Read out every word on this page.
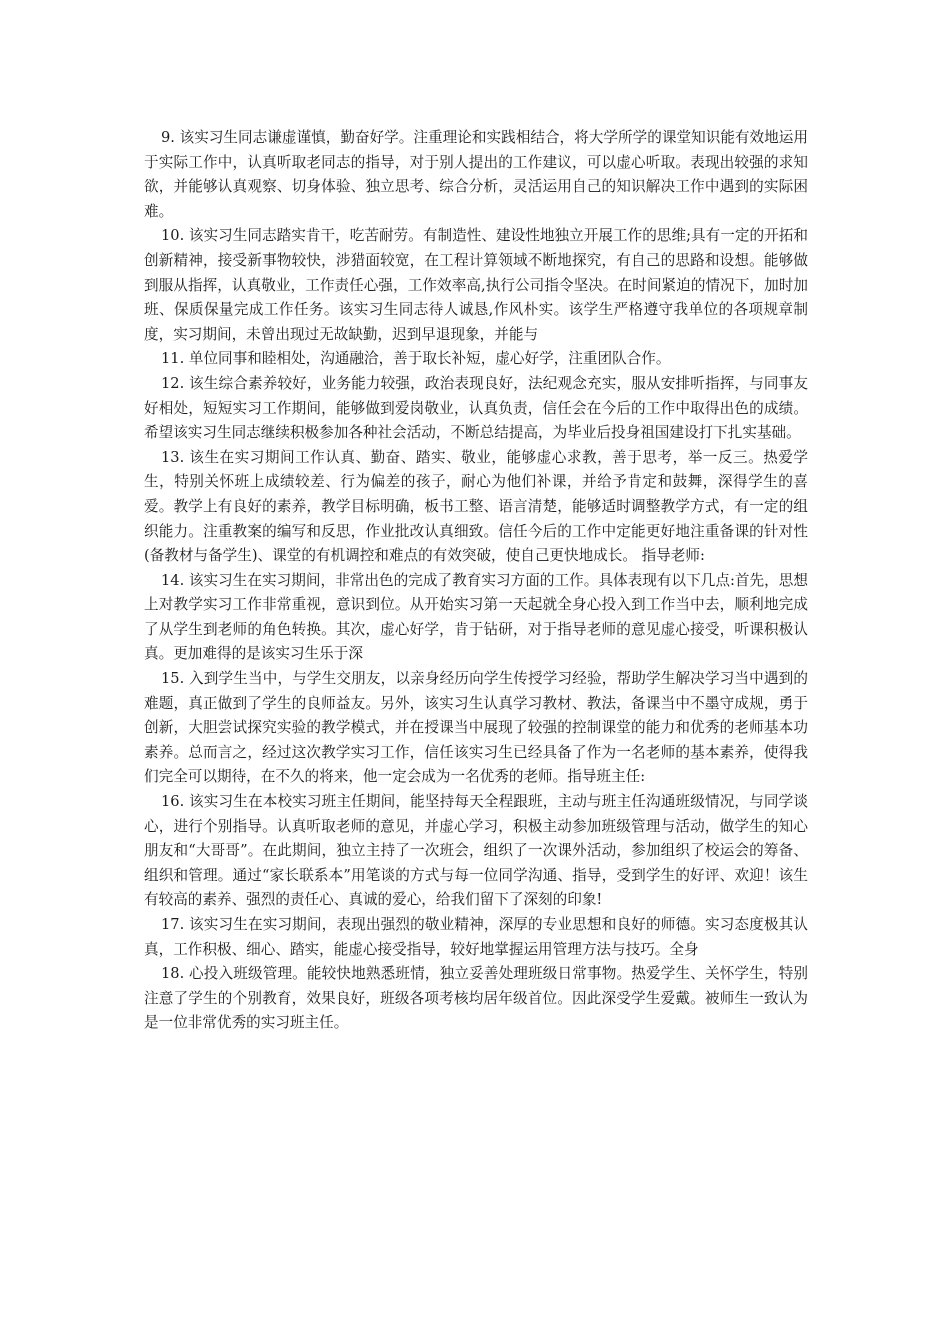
9. 该实习生同志谦虚谨慎，勤奋好学。注重理论和实践相结合，将大学所学的课堂知识能有效地运用于实际工作中，认真听取老同志的指导，对于别人提出的工作建议，可以虚心听取。表现出较强的求知欲，并能够认真观察、切身体验、独立思考、综合分析，灵活运用自己的知识解决工作中遇到的实际困难。

10. 该实习生同志踏实肯干，吃苦耐劳。有制造性、建设性地独立开展工作的思维;具有一定的开拓和创新精神，接受新事物较快，涉猎面较宽，在工程计算领域不断地探究，有自己的思路和设想。能够做到服从指挥，认真敬业，工作责任心强，工作效率高,执行公司指令坚决。在时间紧迫的情况下，加时加班、保质保量完成工作任务。该实习生同志待人诚恳,作风朴实。该学生严格遵守我单位的各项规章制度，实习期间，未曾出现过无故缺勤，迟到早退现象，并能与

11. 单位同事和睦相处，沟通融洽，善于取长补短，虚心好学，注重团队合作。

12. 该生综合素养较好，业务能力较强，政治表现良好，法纪观念充实，服从安排听指挥，与同事友好相处，短短实习工作期间，能够做到爱岗敬业，认真负责，信任会在今后的工作中取得出色的成绩。希望该实习生同志继续积极参加各种社会活动，不断总结提高，为毕业后投身祖国建设打下扎实基础。

13. 该生在实习期间工作认真、勤奋、踏实、敬业，能够虚心求教，善于思考，举一反三。热爱学生，特别关怀班上成绩较差、行为偏差的孩子，耐心为他们补课，并给予肯定和鼓舞，深得学生的喜爱。教学上有良好的素养，教学目标明确，板书工整、语言清楚，能够适时调整教学方式，有一定的组织能力。注重教案的编写和反思，作业批改认真细致。信任今后的工作中定能更好地注重备课的针对性(备教材与备学生)、课堂的有机调控和难点的有效突破，使自己更快地成长。 指导老师:

14. 该实习生在实习期间，非常出色的完成了教育实习方面的工作。具体表现有以下几点:首先，思想上对教学实习工作非常重视，意识到位。从开始实习第一天起就全身心投入到工作当中去，顺利地完成了从学生到老师的角色转换。其次，虚心好学，肯于钻研，对于指导老师的意见虚心接受，听课积极认真。更加难得的是该实习生乐于深

15. 入到学生当中，与学生交朋友，以亲身经历向学生传授学习经验，帮助学生解决学习当中遇到的难题，真正做到了学生的良师益友。另外，该实习生认真学习教材、教法，备课当中不墨守成规，勇于创新，大胆尝试探究实验的教学模式，并在授课当中展现了较强的控制课堂的能力和优秀的老师基本功素养。总而言之，经过这次教学实习工作，信任该实习生已经具备了作为一名老师的基本素养，使得我们完全可以期待，在不久的将来，他一定会成为一名优秀的老师。指导班主任:

16. 该实习生在本校实习班主任期间，能坚持每天全程跟班，主动与班主任沟通班级情况，与同学谈心，进行个别指导。认真听取老师的意见，并虚心学习，积极主动参加班级管理与活动，做学生的知心朋友和“大哥哥”。在此期间，独立主持了一次班会，组织了一次课外活动，参加组织了校运会的筹备、组织和管理。通过“家长联系本”用笔谈的方式与每一位同学沟通、指导，受到学生的好评、欢迎！该生有较高的素养、强烈的责任心、真诚的爱心，给我们留下了深刻的印象!

17. 该实习生在实习期间，表现出强烈的敬业精神，深厚的专业思想和良好的师德。实习态度极其认真，工作积极、细心、踏实，能虚心接受指导，较好地掌握运用管理方法与技巧。全身

18. 心投入班级管理。能较快地熟悉班情，独立妥善处理班级日常事物。热爱学生、关怀学生，特别注意了学生的个别教育，效果良好，班级各项考核均居年级首位。因此深受学生爱戴。被师生一致认为是一位非常优秀的实习班主任。
